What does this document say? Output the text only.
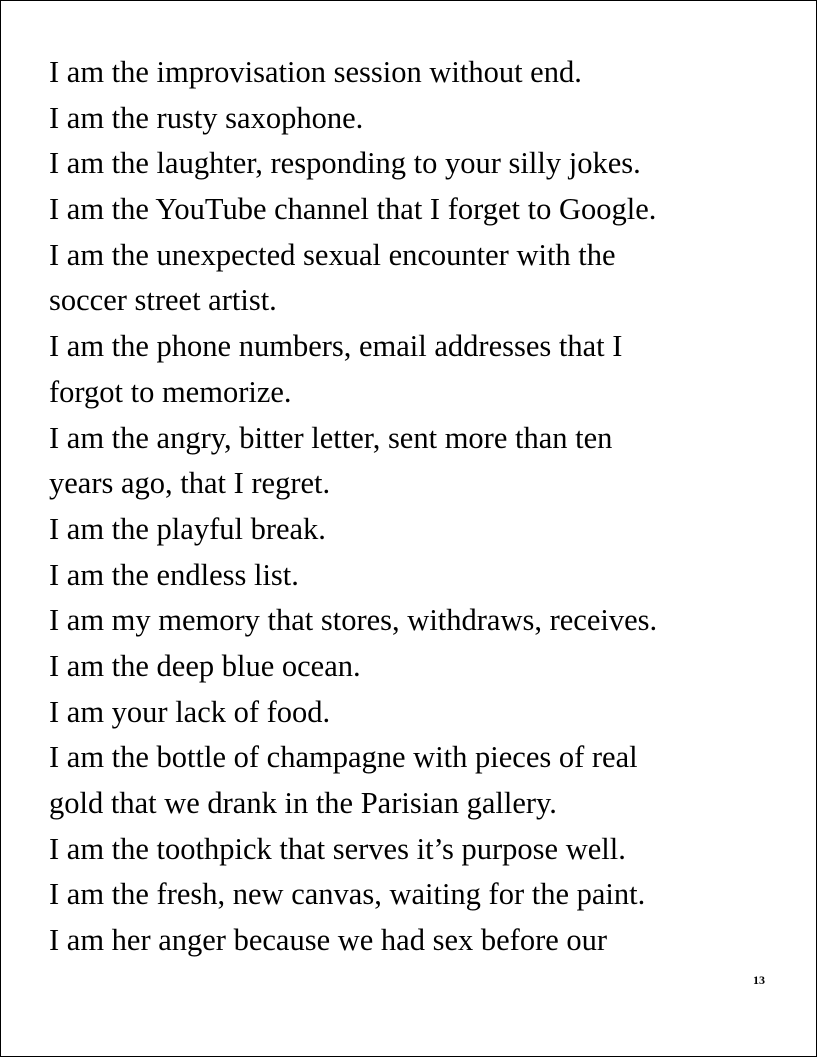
I am the improvisation session without end.
I am the rusty saxophone.
I am the laughter, responding to your silly jokes.
I am the YouTube channel that I forget to Google.
I am the unexpected sexual encounter with the
soccer street artist.
I am the phone numbers, email addresses that I
forgot to memorize.
I am the angry, bitter letter, sent more than ten
years ago, that I regret.
I am the playful break.
I am the endless list.
I am my memory that stores, withdraws, receives.
I am the deep blue ocean.
I am your lack of food.
I am the bottle of champagne with pieces of real
gold that we drank in the Parisian gallery.
I am the toothpick that serves it’s purpose well.
I am the fresh, new canvas, waiting for the paint.
I am her anger because we had sex before our
13
